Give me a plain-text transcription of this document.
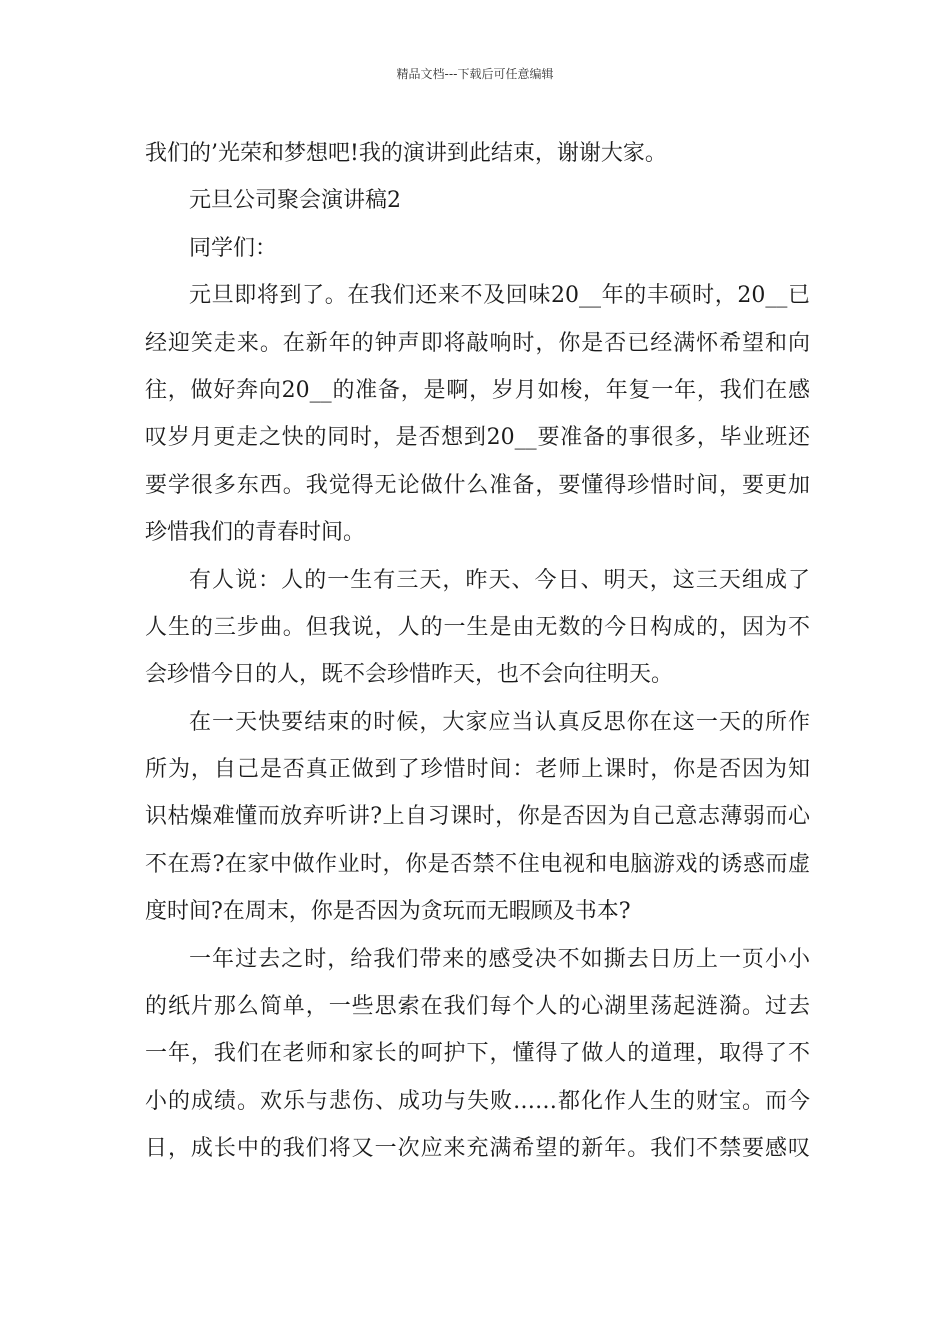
精品文档---下载后可任意编辑
我们的’光荣和梦想吧!我的演讲到此结束，谢谢大家。
元旦公司聚会演讲稿2
同学们：
元旦即将到了。在我们还来不及回味20__年的丰硕时，20__已
经迎笑走来。在新年的钟声即将敲响时，你是否已经满怀希望和向
往，做好奔向20__的准备，是啊，岁月如梭，年复一年，我们在感
叹岁月更走之快的同时，是否想到20__要准备的事很多，毕业班还
要学很多东西。我觉得无论做什么准备，要懂得珍惜时间，要更加
珍惜我们的青春时间。
有人说：人的一生有三天，昨天、今日、明天，这三天组成了
人生的三步曲。但我说，人的一生是由无数的今日构成的，因为不
会珍惜今日的人，既不会珍惜昨天，也不会向往明天。
在一天快要结束的时候，大家应当认真反思你在这一天的所作
所为，自己是否真正做到了珍惜时间：老师上课时，你是否因为知
识枯燥难懂而放弃听讲?上自习课时，你是否因为自己意志薄弱而心
不在焉?在家中做作业时，你是否禁不住电视和电脑游戏的诱惑而虚
度时间?在周末，你是否因为贪玩而无暇顾及书本?
一年过去之时，给我们带来的感受决不如撕去日历上一页小小
的纸片那么简单，一些思索在我们每个人的心湖里荡起涟漪。过去
一年，我们在老师和家长的呵护下，懂得了做人的道理，取得了不
小的成绩。欢乐与悲伤、成功与失败……都化作人生的财宝。而今
日，成长中的我们将又一次应来充满希望的新年。我们不禁要感叹
